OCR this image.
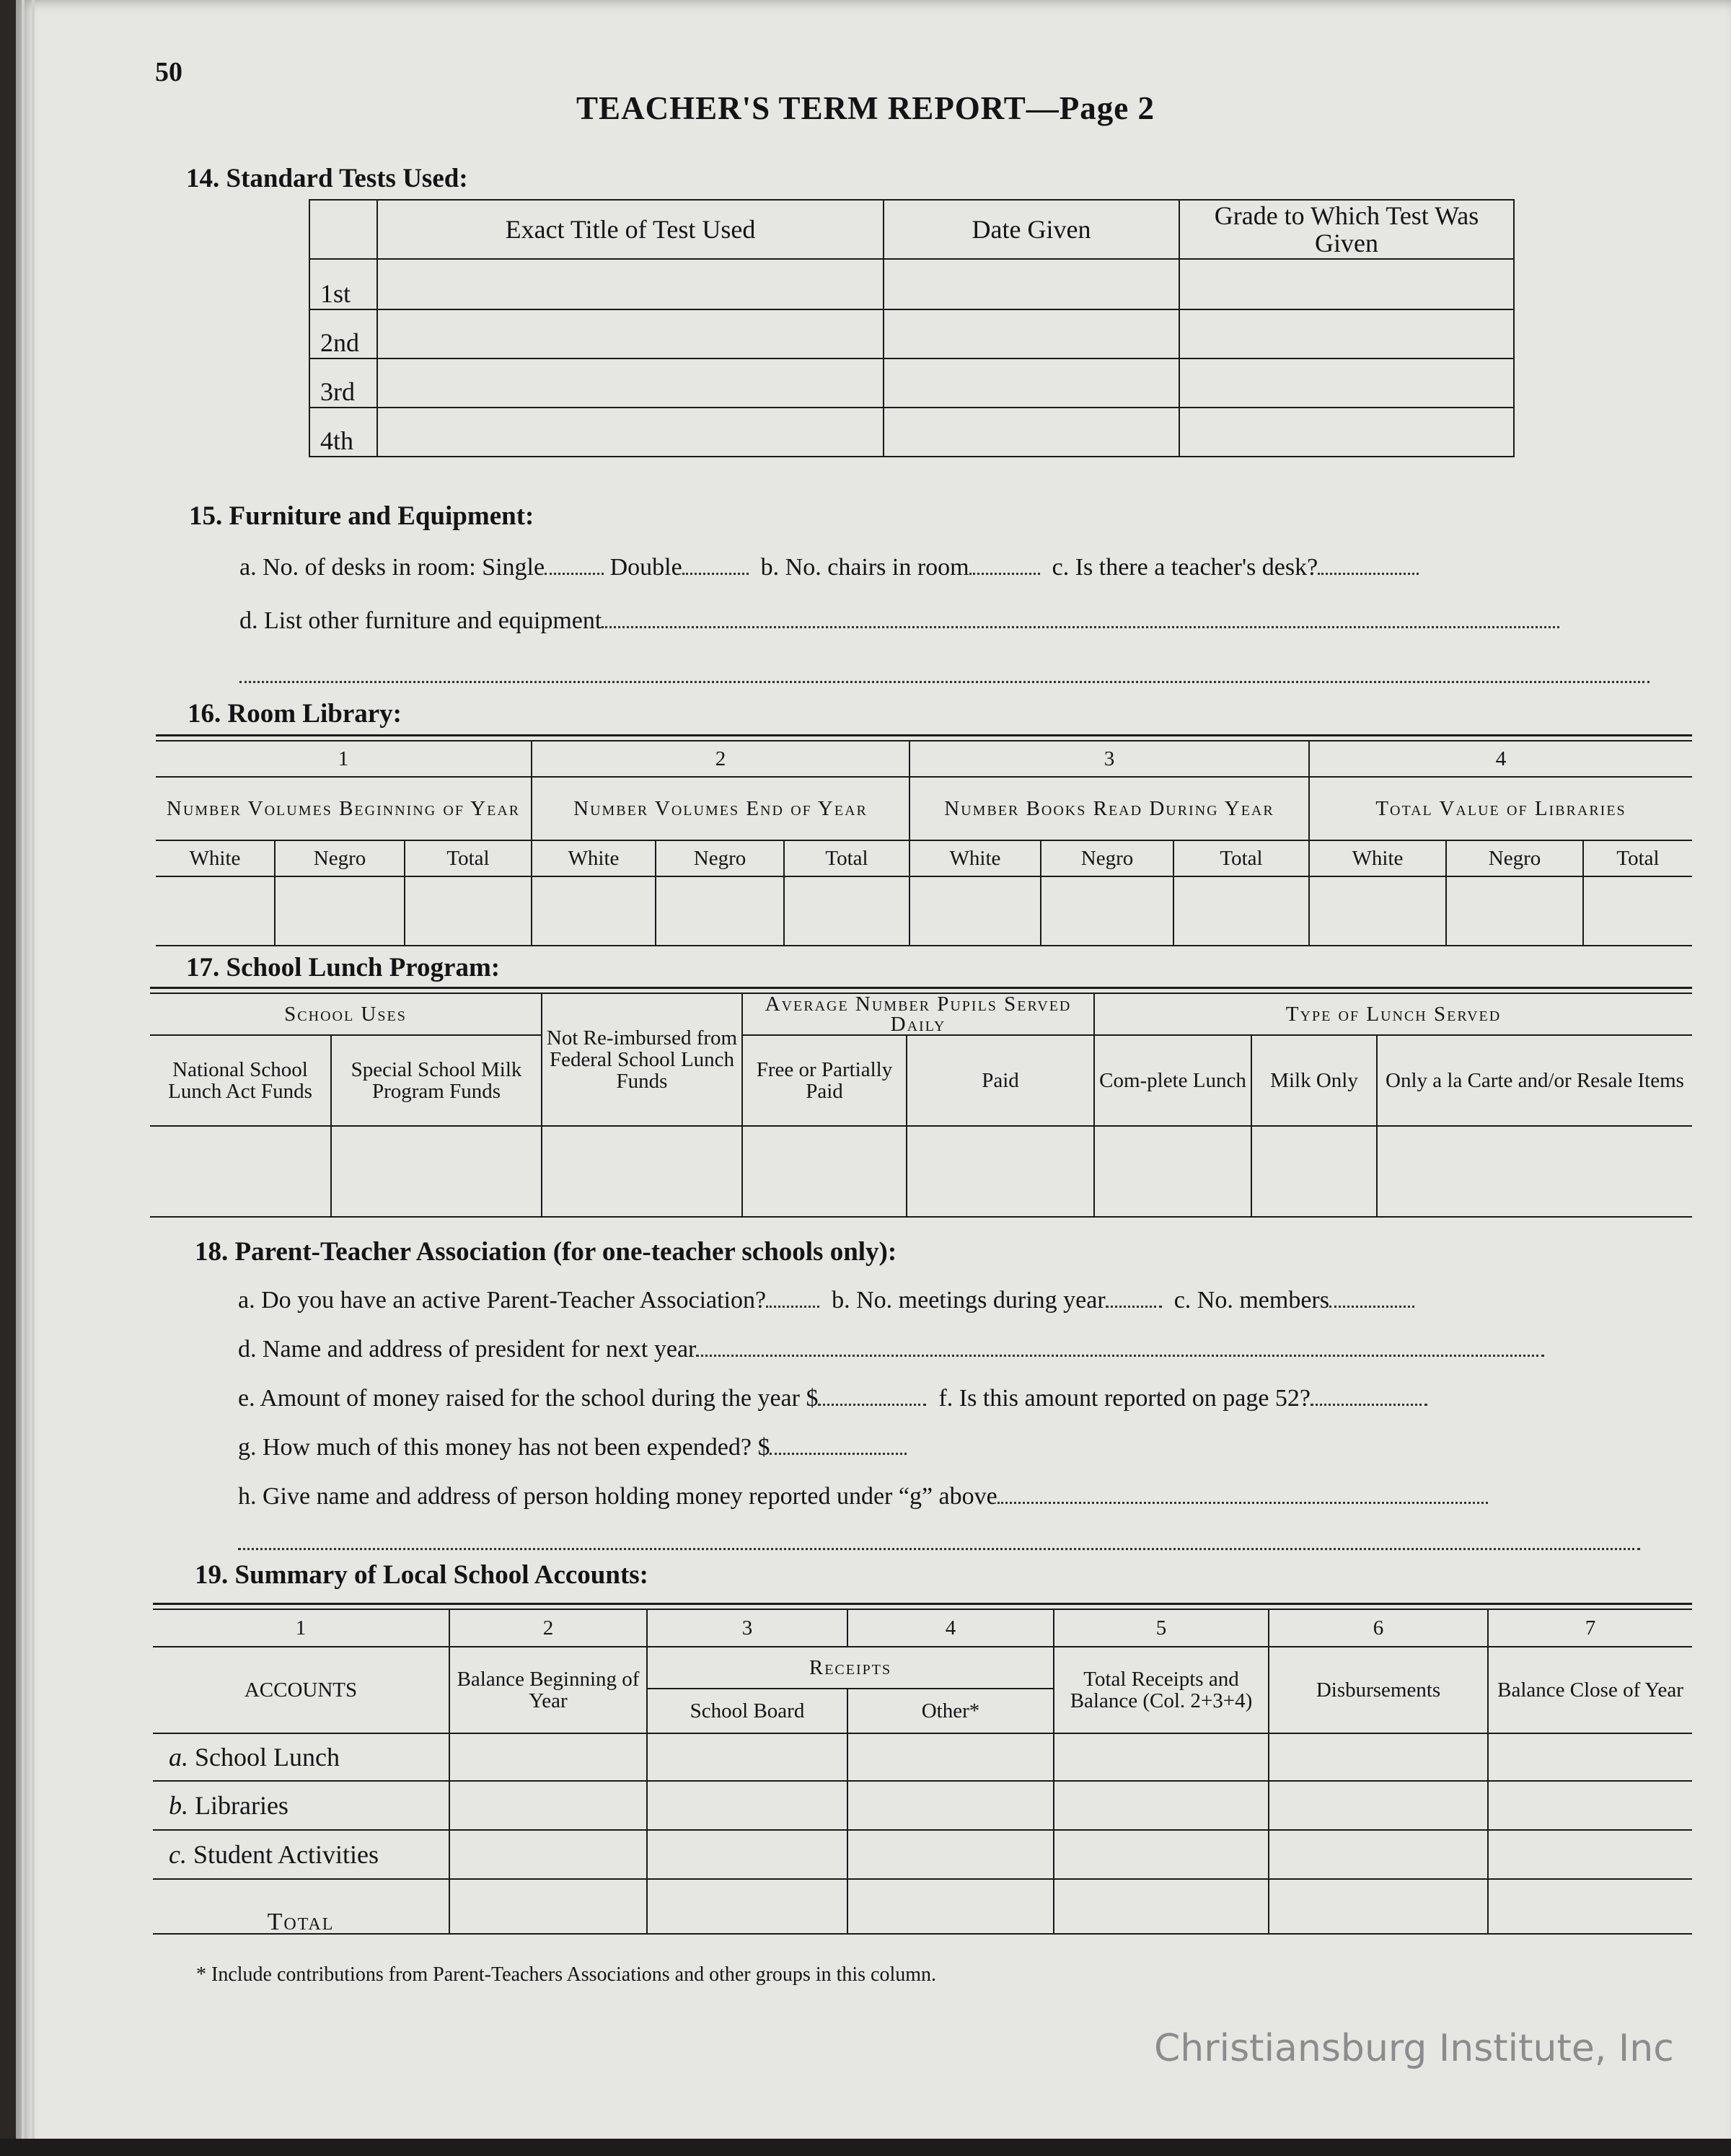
50
TEACHER'S TERM REPORT—Page 2
14. Standard Tests Used:
	Exact Title of Test Used	Date Given	Grade to Which Test Was Given
1st			
2nd			
3rd			
4th			
15. Furniture and Equipment:
a. No. of desks in room: Single	Double	b. No. chairs in room	c. Is there a teacher's desk?
d. List other furniture and equipment
16. Room Library:
1			2			3			4		
Number Volumes Beginning of Year			Number Volumes End of Year			Number Books Read During Year			Total Value of Libraries		
White	Negro	Total	White	Negro	Total	White	Negro	Total	White	Negro	Total

17. School Lunch Program:
School Uses		Not Re-imbursed from Federal School Lunch Funds	Average Number Pupils Served Daily		Type of Lunch Served		
National School Lunch Act Funds	Special School Milk Program Funds		Free or Partially Paid	Paid	Com-plete Lunch	Milk Only	Only a la Carte and/or Resale Items

18. Parent-Teacher Association (for one-teacher schools only):
a. Do you have an active Parent-Teacher Association?	b. No. meetings during year	c. No. members
d. Name and address of president for next year
e. Amount of money raised for the school during the year $	f. Is this amount reported on page 52?
g. How much of this money has not been expended? $
h. Give name and address of person holding money reported under “g” above
19. Summary of Local School Accounts:
1	2	3	4	5	6	7
ACCOUNTS	Balance Beginning of Year	Receipts		Total Receipts and Balance (Col. 2+3+4)	Disbursements	Balance Close of Year
		School Board	Other*			
a. School Lunch						
b. Libraries						
c. Student Activities						
Total						
* Include contributions from Parent-Teachers Associations and other groups in this column.
Christiansburg Institute, Inc
